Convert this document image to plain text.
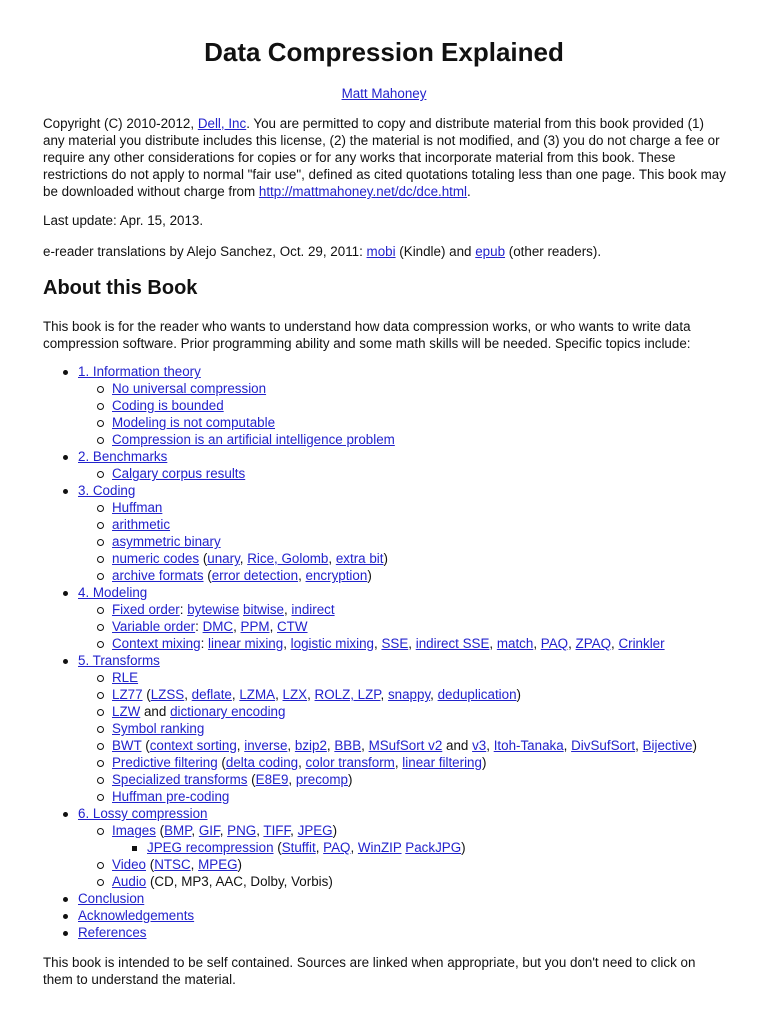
Data Compression Explained
Matt Mahoney

Copyright (C) 2010-2012, Dell, Inc. You are permitted to copy and distribute material from this book provided (1) any material you distribute includes this license, (2) the material is not modified, and (3) you do not charge a fee or require any other considerations for copies or for any works that incorporate material from this book. These restrictions do not apply to normal "fair use", defined as cited quotations totaling less than one page. This book may be downloaded without charge from http://mattmahoney.net/dc/dce.html.

Last update: Apr. 15, 2013.

e-reader translations by Alejo Sanchez, Oct. 29, 2011: mobi (Kindle) and epub (other readers).

About this Book

This book is for the reader who wants to understand how data compression works, or who wants to write data compression software. Prior programming ability and some math skills will be needed. Specific topics include:

1. Information theory
No universal compression
Coding is bounded
Modeling is not computable
Compression is an artificial intelligence problem
2. Benchmarks
Calgary corpus results
3. Coding
Huffman
arithmetic
asymmetric binary
numeric codes (unary, Rice, Golomb, extra bit)
archive formats (error detection, encryption)
4. Modeling
Fixed order: bytewise bitwise, indirect
Variable order: DMC, PPM, CTW
Context mixing: linear mixing, logistic mixing, SSE, indirect SSE, match, PAQ, ZPAQ, Crinkler
5. Transforms
RLE
LZ77 (LZSS, deflate, LZMA, LZX, ROLZ, LZP, snappy, deduplication)
LZW and dictionary encoding
Symbol ranking
BWT (context sorting, inverse, bzip2, BBB, MSufSort v2 and v3, Itoh-Tanaka, DivSufSort, Bijective)
Predictive filtering (delta coding, color transform, linear filtering)
Specialized transforms (E8E9, precomp)
Huffman pre-coding
6. Lossy compression
Images (BMP, GIF, PNG, TIFF, JPEG)
JPEG recompression (Stuffit, PAQ, WinZIP PackJPG)
Video (NTSC, MPEG)
Audio (CD, MP3, AAC, Dolby, Vorbis)
Conclusion
Acknowledgements
References

This book is intended to be self contained. Sources are linked when appropriate, but you don't need to click on them to understand the material.
